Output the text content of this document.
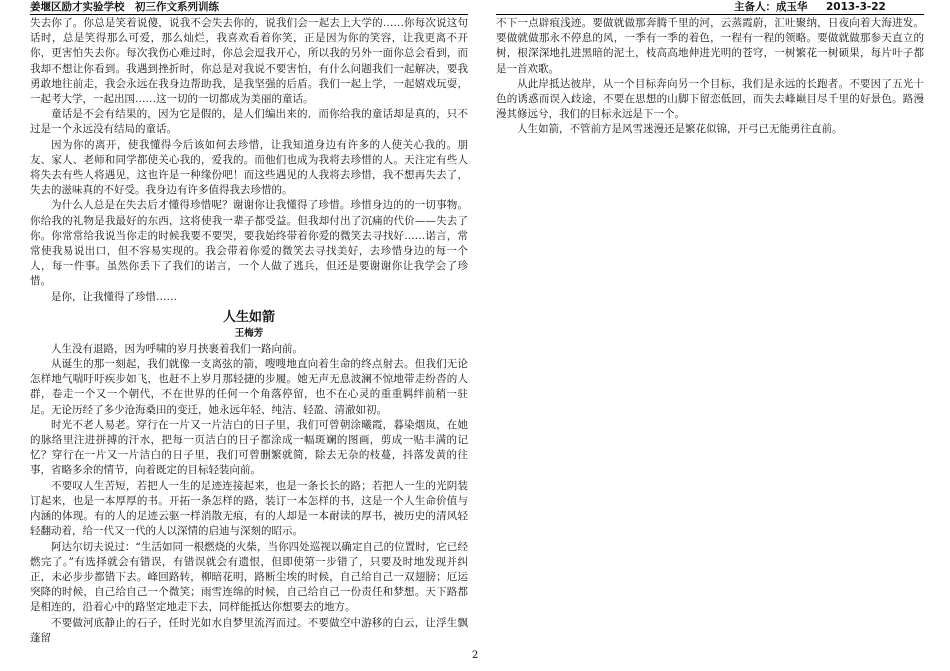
姜堰区励才实验学校　初三作文系列训练	主备人：成玉华 2013-3-22

失去你了。你总是笑着说傻，说我不会失去你的，说我们会一起去上大学的……你每次说这句话时，总是笑得那么可爱，那么灿烂，我喜欢看着你笑，正是因为你的笑容，让我更离不开你，更害怕失去你。每次我伤心难过时，你总会逗我开心，所以我的另外一面你总会看到，而我却不想让你看到。我遇到挫折时，你总是对我说不要害怕，有什么问题我们一起解决，要我勇敢地往前走，我会永远在我身边帮助我，是我坚强的后盾。我们一起上学，一起嬉戏玩耍，一起考大学，一起出国……这一切的一切都成为美丽的童话。

童话是不会有结果的，因为它是假的，是人们编出来的．而你给我的童话却是真的，只不过是一个永远没有结局的童话。

因为你的离开，使我懂得今后该如何去珍惜，让我知道身边有许多的人使关心我的。朋友、家人、老师和同学都使关心我的，爱我的。而他们也成为我将去珍惜的人。天注定有些人将失去有些人将遇见，这也许是一种缘份吧！而这些遇见的人我将去珍惜，我不想再失去了，失去的滋味真的不好受。我身边有许多值得我去珍惜的。

为什么人总是在失去后才懂得珍惜呢？谢谢你让我懂得了珍惜。珍惜身边的的一切事物。你给我的礼物是我最好的东西，这将使我一辈子都受益。但我却付出了沉痛的代价——失去了你。你常常给我说当你走的时候我要不要哭，要我始终带着你爱的微笑去寻找好……诺言，常常使我易说出口，但不容易实现的。我会带着你爱的微笑去寻找美好，去珍惜身边的每一个人，每一件事。虽然你丢下了我们的诺言，一个人做了逃兵，但还是要谢谢你让我学会了珍惜。

是你，让我懂得了珍惜……

人生如箭
王梅芳

人生没有退路，因为呼啸的岁月挟裹着我们一路向前。

从诞生的那一刻起，我们就像一支离弦的箭，嗖嗖地直向着生命的终点射去。但我们无论怎样地气喘吁吁疾步如飞，也赶不上岁月那轻捷的步履。她无声无息波澜不惊地带走纷沓的人群，卷走一个又一个朝代，不在世界的任何一个角落停留，也不在心灵的重重羁绊前稍一驻足。无论历经了多少沧海桑田的变迁，她永远年轻、纯洁、轻盈、清澈如初。

时光不老人易老。穿行在一片又一片洁白的日子里，我们可曾朝涂曦霞，暮染烟岚，在她的脉络里注进拼搏的汗水，把每一页洁白的日子都涂成一幅斑斓的图画，剪成一贴丰满的记忆？穿行在一片又一片洁白的日子里，我们可曾删繁就简，除去无杂的枝蔓，抖落发黄的往事，省略多余的情节，向着既定的目标轻装向前。

不要叹人生苦短，若把人一生的足迹连接起来，也是一条长长的路；若把人一生的光阴装订起来，也是一本厚厚的书。开拓一条怎样的路，装订一本怎样的书，这是一个人生命价值与内涵的体现。有的人的足迹云驱一样消散无痕，有的人却是一本耐读的厚书，被历史的清风轻轻翻动着，给一代又一代的人以深情的启迪与深刻的昭示。

阿达尔切夫说过：“生活如同一根燃烧的火柴，当你四处巡视以确定自己的位置时，它已经燃完了。”有选择就会有错误，有错误就会有遗恨，但即使第一步错了，只要及时地发现并纠正，未必步步都错下去。峰回路转，柳暗花明，路断尘埃的时候，自己给自己一双翅膀；厄运突降的时候，自己给自己一个微笑；雨雪连绵的时候，自己给自己一份责任和梦想。天下路都是相连的，沿着心中的路坚定地走下去，同样能抵达你想要去的地方。

不要做河底静止的石子，任时光如水自梦里流泻而过。不要做空中游移的白云，让浮生飘蓬留

不下一点辟痕浅迹。要做就做那奔腾千里的河，云蒸霞蔚，汇吐聚纳，日夜向着大海进发。要做就做那永不停息的风，一季有一季的着色，一程有一程的领略。要做就做那参天直立的树，根深深地扎进黑暗的泥土，枝高高地伸进光明的苍穹，一树繁花一树硕果，每片叶子都是一首欢歌。

从此岸抵达彼岸，从一个目标奔向另一个目标，我们是永远的长跑者。不要因了五光十色的诱惑而误入歧途，不要在思想的山脚下留恋低回，而失去峰巅目尽千里的好景色。路漫漫其修远兮，我们的目标永远是下一个。

人生如箭，不管前方是风雪迷漫还是繁花似锦，开弓已无能勇往直前。

2
